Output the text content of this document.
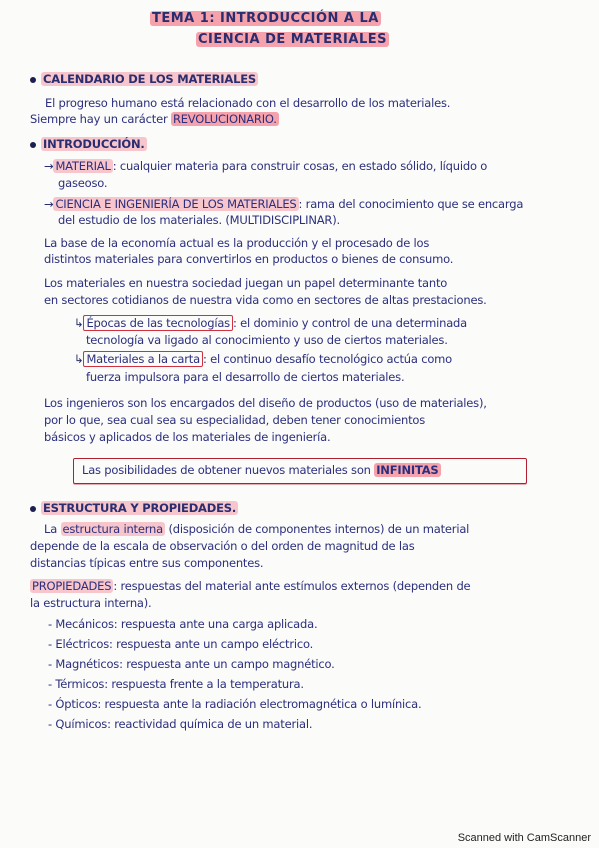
TEMA 1: INTRODUCCIÓN A LA
CIENCIA DE MATERIALES
CALENDARIO DE LOS MATERIALES
El progreso humano está relacionado con el desarrollo de los materiales.
Siempre hay un carácter REVOLUCIONARIO.
INTRODUCCIÓN.
→ MATERIAL : cualquier materia para construir cosas, en estado sólido, líquido o
gaseoso.
→ CIENCIA E INGENIERÍA DE LOS MATERIALES : rama del conocimiento que se encarga
del estudio de los materiales. (MULTIDISCIPLINAR).
La base de la economía actual es la producción y el procesado de los
distintos materiales para convertirlos en productos o bienes de consumo.
Los materiales en nuestra sociedad juegan un papel determinante tanto
en sectores cotidianos de nuestra vida como en sectores de altas prestaciones.
↳ Épocas de las tecnologías : el dominio y control de una determinada
tecnología va ligado al conocimiento y uso de ciertos materiales.
↳ Materiales a la carta : el continuo desafío tecnológico actúa como
fuerza impulsora para el desarrollo de ciertos materiales.
Los ingenieros son los encargados del diseño de productos (uso de materiales),
por lo que, sea cual sea su especialidad, deben tener conocimientos
básicos y aplicados de los materiales de ingeniería.
Las posibilidades de obtener nuevos materiales son INFINITAS
ESTRUCTURA Y PROPIEDADES.
La estructura interna (disposición de componentes internos) de un material
depende de la escala de observación o del orden de magnitud de las
distancias típicas entre sus componentes.
PROPIEDADES : respuestas del material ante estímulos externos (dependen de
la estructura interna).
- Mecánicos: respuesta ante una carga aplicada.
- Eléctricos: respuesta ante un campo eléctrico.
- Magnéticos: respuesta ante un campo magnético.
- Térmicos: respuesta frente a la temperatura.
- Ópticos: respuesta ante la radiación electromagnética o lumínica.
- Químicos: reactividad química de un material.
Scanned with CamScanner
